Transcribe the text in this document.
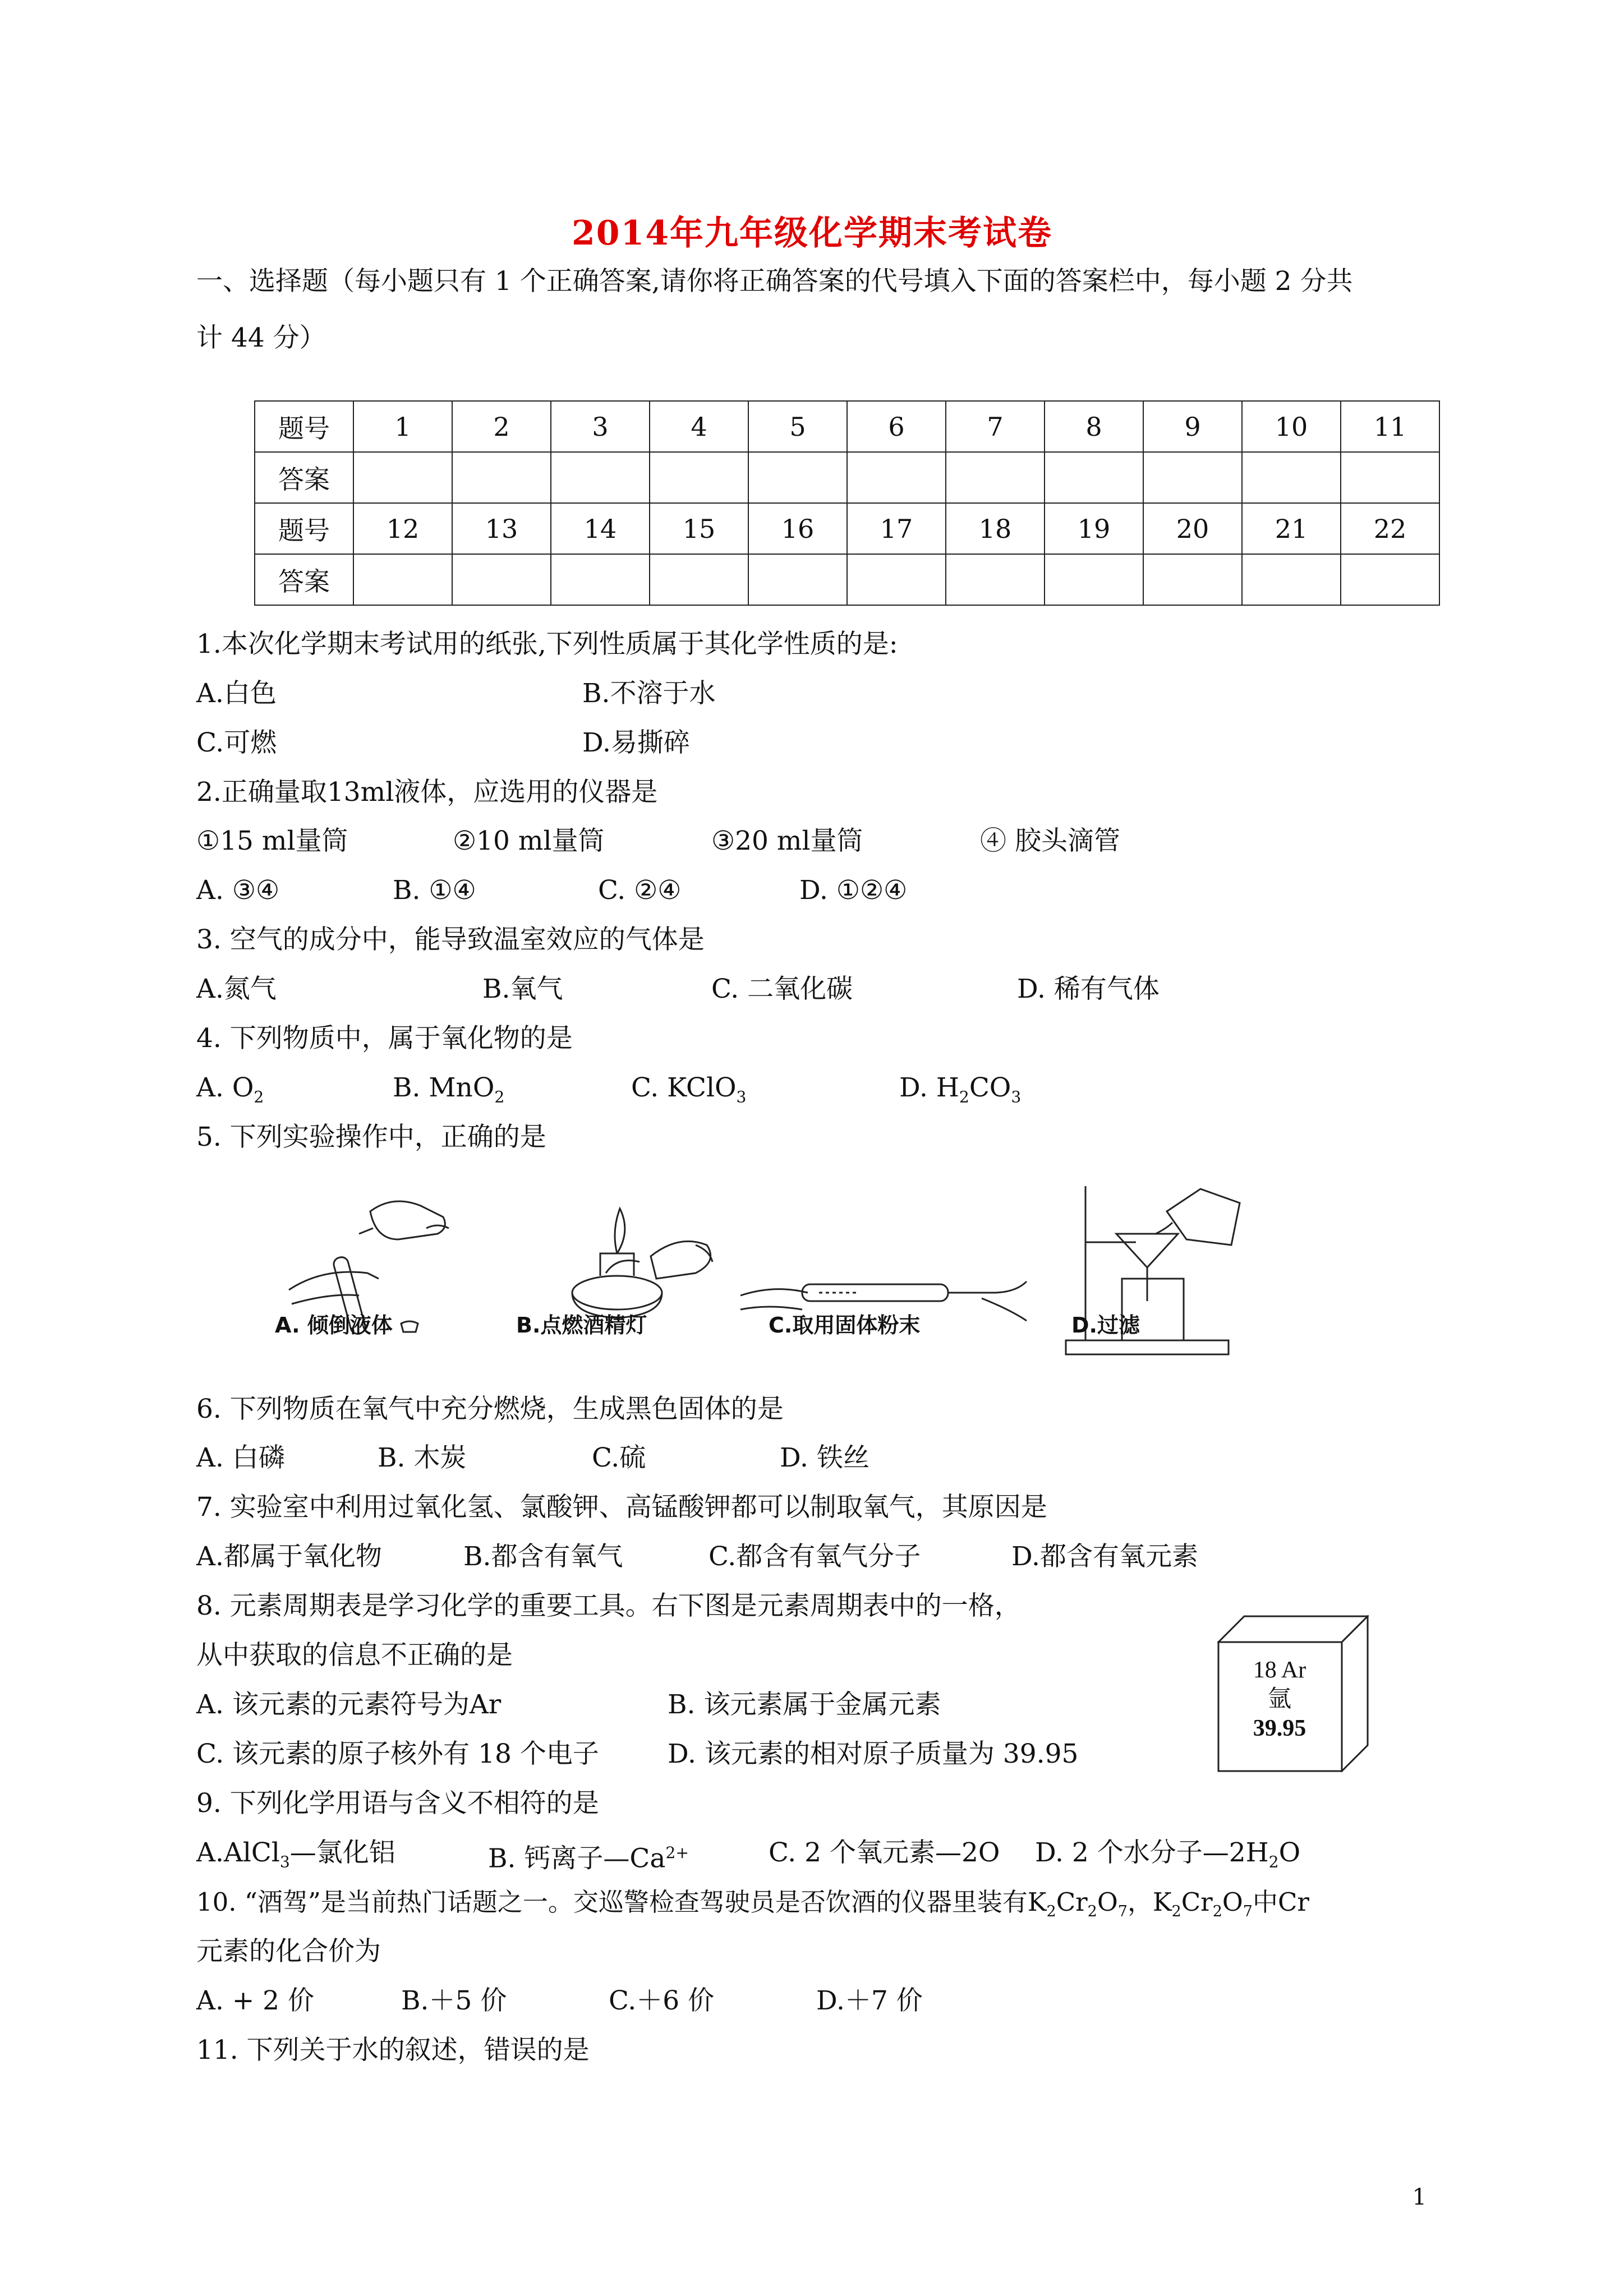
2014年九年级化学期末考试卷
一、选择题（每小题只有 1 个正确答案,请你将正确答案的代号填入下面的答案栏中，每小题 2 分共
计 44 分）
题号	1	2	3	4	5	6	7	8	9	10	11
答案											
题号	12	13	14	15	16	17	18	19	20	21	22
答案											
1.本次化学期末考试用的纸张,下列性质属于其化学性质的是:
A.白色	B.不溶于水
C.可燃	D.易撕碎
2.正确量取13ml液体，应选用的仪器是
①15 ml量筒	②10 ml量筒	③20 ml量筒	④ 胶头滴管
A. ③④	B. ①④	C. ②④	D. ①②④
3. 空气的成分中，能导致温室效应的气体是
A.氮气	B.氧气	C. 二氧化碳	D. 稀有气体
4. 下列物质中，属于氧化物的是
A. $O_2$	B. MnO$_2$	C. KClO$_3$	D. $H_2CO_3$
5. 下列实验操作中，正确的是
A. 倾倒液体	B.点燃酒精灯	C.取用固体粉末	D.过滤
6. 下列物质在氧气中充分燃烧，生成黑色固体的是
A. 白磷	B. 木炭	C.硫	D. 铁丝
7. 实验室中利用过氧化氢、氯酸钾、高锰酸钾都可以制取氧气，其原因是
A.都属于氧化物	B.都含有氧气	C.都含有氧气分子	D.都含有氧元素
8. 元素周期表是学习化学的重要工具。右下图是元素周期表中的一格，
从中获取的信息不正确的是
A. 该元素的元素符号为Ar	B. 该元素属于金属元素
C. 该元素的原子核外有 18 个电子	D. 该元素的相对原子质量为 39.95
18 Ar
氩
39.95
9. 下列化学用语与含义不相符的是
A.AlCl$_3$—氯化铝	B. 钙离子$—Ca^{2+}$	C. 2 个氧元素—2O D. 2 个水分子$—2H_2O$
10. “酒驾”是当前热门话题之一。交巡警检查驾驶员是否饮酒的仪器里装有$K_2Cr_2O_7$，$K_2Cr_2O_7$中Cr
元素的化合价为
A. + 2 价	B.＋5 价	C.＋6 价	D.＋7 价
11. 下列关于水的叙述，错误的是
1
